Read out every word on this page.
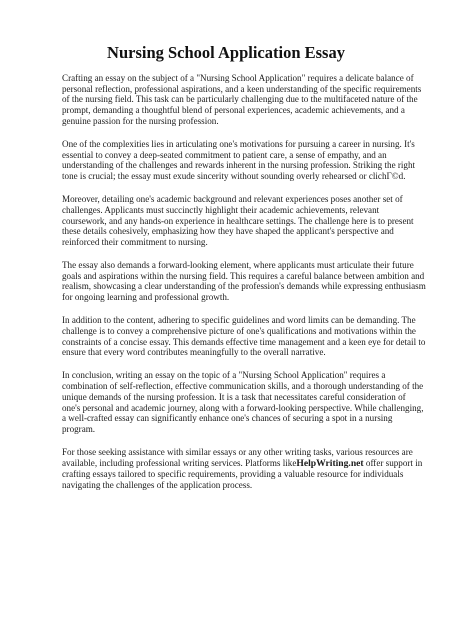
Nursing School Application Essay

Crafting an essay on the subject of a "Nursing School Application" requires a delicate balance of personal reflection, professional aspirations, and a keen understanding of the specific requirements of the nursing field. This task can be particularly challenging due to the multifaceted nature of the prompt, demanding a thoughtful blend of personal experiences, academic achievements, and a genuine passion for the nursing profession.

One of the complexities lies in articulating one's motivations for pursuing a career in nursing. It's essential to convey a deep-seated commitment to patient care, a sense of empathy, and an understanding of the challenges and rewards inherent in the nursing profession. Striking the right tone is crucial; the essay must exude sincerity without sounding overly rehearsed or clichГ©d.

Moreover, detailing one's academic background and relevant experiences poses another set of challenges. Applicants must succinctly highlight their academic achievements, relevant coursework, and any hands-on experience in healthcare settings. The challenge here is to present these details cohesively, emphasizing how they have shaped the applicant's perspective and reinforced their commitment to nursing.

The essay also demands a forward-looking element, where applicants must articulate their future goals and aspirations within the nursing field. This requires a careful balance between ambition and realism, showcasing a clear understanding of the profession's demands while expressing enthusiasm for ongoing learning and professional growth.

In addition to the content, adhering to specific guidelines and word limits can be demanding. The challenge is to convey a comprehensive picture of one's qualifications and motivations within the constraints of a concise essay. This demands effective time management and a keen eye for detail to ensure that every word contributes meaningfully to the overall narrative.

In conclusion, writing an essay on the topic of a "Nursing School Application" requires a combination of self-reflection, effective communication skills, and a thorough understanding of the unique demands of the nursing profession. It is a task that necessitates careful consideration of one's personal and academic journey, along with a forward-looking perspective. While challenging, a well-crafted essay can significantly enhance one's chances of securing a spot in a nursing program.

For those seeking assistance with similar essays or any other writing tasks, various resources are available, including professional writing services. Platforms likeHelpWriting.net offer support in crafting essays tailored to specific requirements, providing a valuable resource for individuals navigating the challenges of the application process.
